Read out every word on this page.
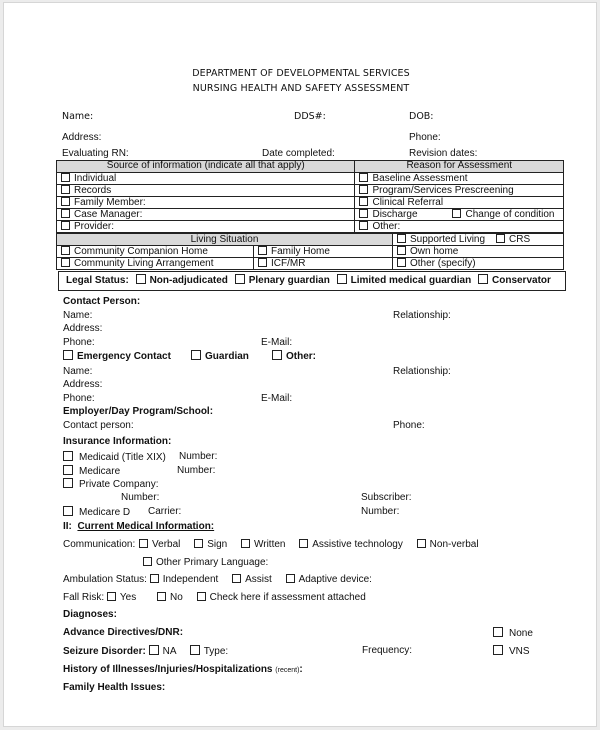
DEPARTMENT OF DEVELOPMENTAL SERVICES
NURSING HEALTH AND SAFETY ASSESSMENT
Name:	DDS#:	DOB:
Address:	Phone:
Evaluating RN:	Date completed:	Revision dates:
Source of information (indicate all that apply)	Reason for Assessment
Individual	Baseline Assessment
Records	Program/Services Prescreening
Family Member:	Clinical Referral
Case Manager:	Discharge Change of condition
Provider:	Other:
Living Situation		Supported Living CRS
Community Companion Home	Family Home	Own home
Community Living Arrangement	ICF/MR	Other (specify)
Legal Status: Non-adjudicated Plenary guardian Limited medical guardian Conservator
Contact Person:
Name:	Relationship:
Address:
Phone:	E-Mail:
Emergency Contact	Guardian	Other:
Name:	Relationship:
Address:
Phone:	E-Mail:
Employer/Day Program/School:
Contact person:	Phone:
Insurance Information:
Medicaid (Title XIX) Number:
Medicare	Number:
Private Company:
Number:	Subscriber:
Medicare D Carrier:	Number:
II: Current Medical Information:
Communication: Verbal	Sign	Written	Assistive technology	Non-verbal
Other Primary Language:
Ambulation Status: Independent	Assist	Adaptive device:
Fall Risk: Yes	No	Check here if assessment attached
Diagnoses:
Advance Directives/DNR:	None
Seizure Disorder: NA	Type:	Frequency:	VNS
History of Illnesses/Injuries/Hospitalizations (recent):
Family Health Issues:
